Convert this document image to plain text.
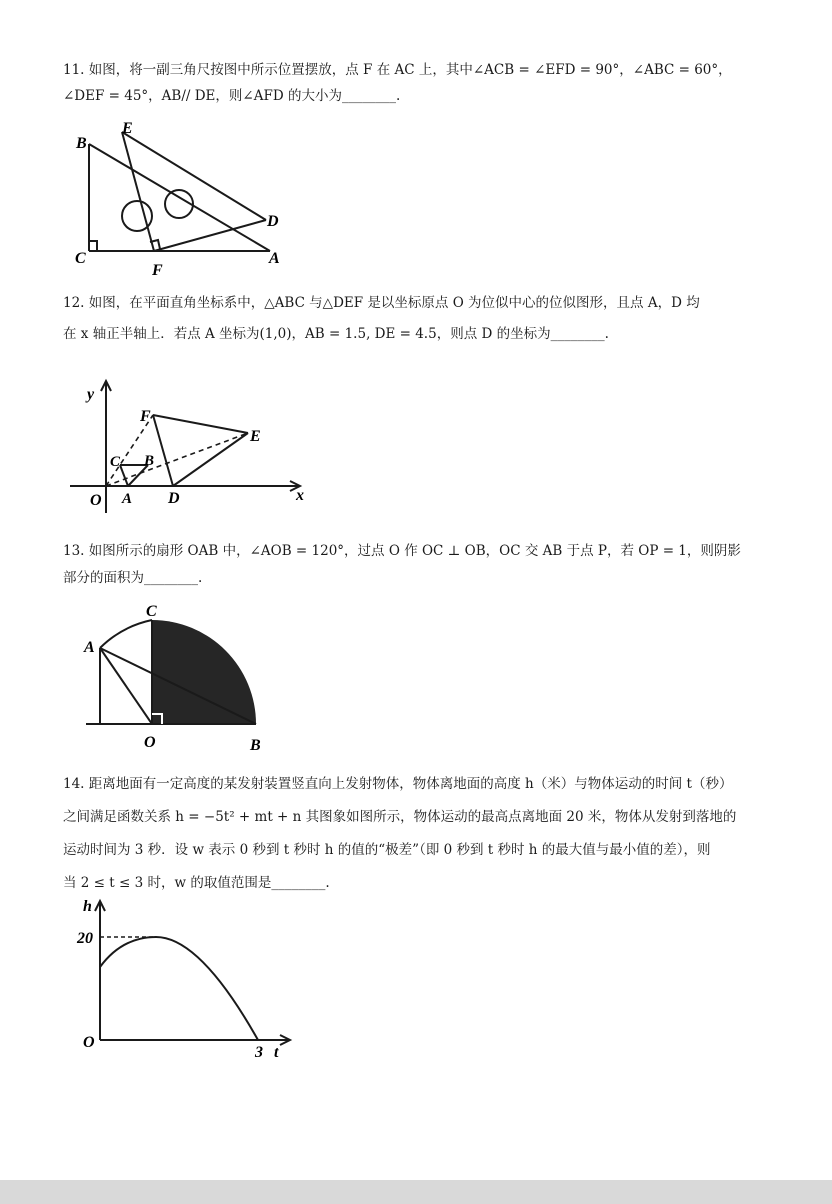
11. 如图，将一副三角尺按图中所示位置摆放，点 F 在 AC 上，其中∠ACB = ∠EFD = 90°，∠ABC = 60°，
∠DEF = 45°，AB// DE，则∠AFD 的大小为________.
B
E
D
C
F
A
12. 如图，在平面直角坐标系中，△ABC 与△DEF 是以坐标原点 O 为位似中心的位似图形，且点 A，D 均
在 x 轴正半轴上．若点 A 坐标为(1,0)，AB = 1.5, DE = 4.5，则点 D 的坐标为________.
y
x
O
F
E
C B
A D
13. 如图所示的扇形 OAB 中，∠AOB = 120°，过点 O 作 OC ⊥ OB，OC 交 AB 于点 P，若 OP = 1，则阴影
部分的面积为________.
C
A
O	B
14. 距离地面有一定高度的某发射装置竖直向上发射物体，物体离地面的高度 h（米）与物体运动的时间 t（秒）
之间满足函数关系 h = −5t² + mt + n 其图象如图所示，物体运动的最高点离地面 20 米，物体从发射到落地的
运动时间为 3 秒．设 w 表示 0 秒到 t 秒时 h 的值的“极差”（即 0 秒到 t 秒时 h 的最大值与最小值的差），则
当 2 ≤ t ≤ 3 时，w 的取值范围是________.
h
20
O
3 t
